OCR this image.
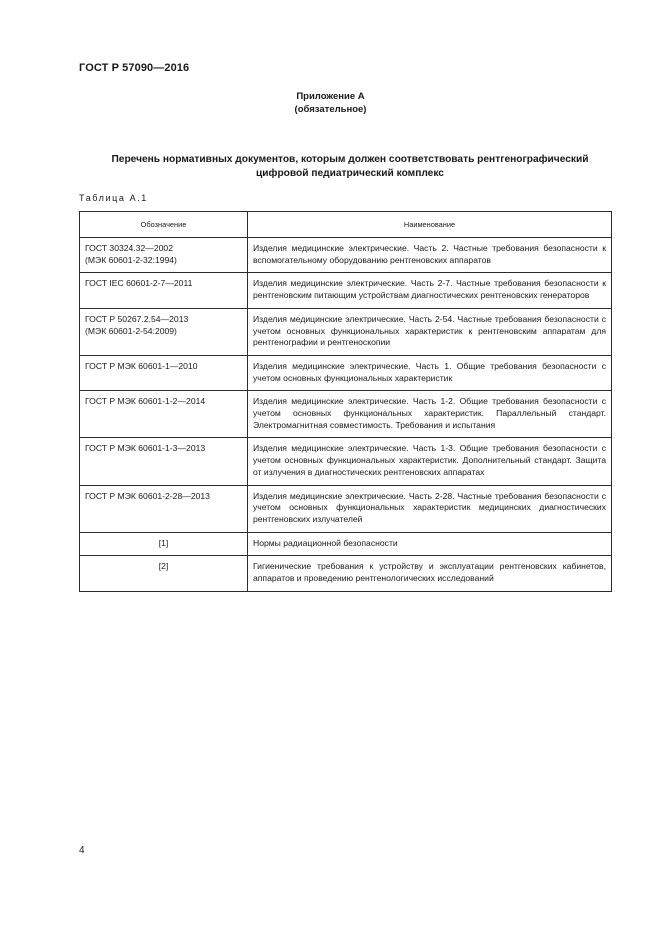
ГОСТ Р 57090—2016
Приложение А
(обязательное)
Перечень нормативных документов, которым должен соответствовать рентгенографический
цифровой педиатрический комплекс
Таблица А.1
Обозначение	Наименование

ГОСТ 30324.32—2002
(МЭК 60601-2-32:1994)	Изделия медицинские электрические. Часть 2. Частные требования безопасности к вспомогательному оборудованию рентгеновских аппаратов

ГОСТ IEC 60601-2-7—2011	Изделия медицинские электрические. Часть 2-7. Частные требования безопасности к рентгеновским питающим устройствам диагностических рентгеновских генераторов

ГОСТ Р 50267.2.54—2013
(МЭК 60601-2-54:2009)	Изделия медицинские электрические. Часть 2-54. Частные требования безопасности с учетом основных функциональных характеристик к рентгеновским аппаратам для рентгенографии и рентгеноскопии

ГОСТ Р МЭК 60601-1—2010	Изделия медицинские электрические. Часть 1. Общие требования безопасности с учетом основных функциональных характеристик

ГОСТ Р МЭК 60601-1-2—2014	Изделия медицинские электрические. Часть 1-2. Общие требования безопасности с учетом основных функциональных характеристик. Параллельный стандарт. Электромагнитная совместимость. Требования и испытания

ГОСТ Р МЭК 60601-1-3—2013	Изделия медицинские электрические. Часть 1-3. Общие требования безопасности с учетом основных функциональных характеристик. Дополнительный стандарт. Защита от излучения в диагностических рентгеновских аппаратах

ГОСТ Р МЭК 60601-2-28—2013	Изделия медицинские электрические. Часть 2-28. Частные требования безопасности с учетом основных функциональных характеристик медицинских диагностических рентгеновских излучателей

[1]	Нормы радиационной безопасности

[2]	Гигиенические требования к устройству и эксплуатации рентгеновских кабинетов, аппаратов и проведению рентгенологических исследований
4
